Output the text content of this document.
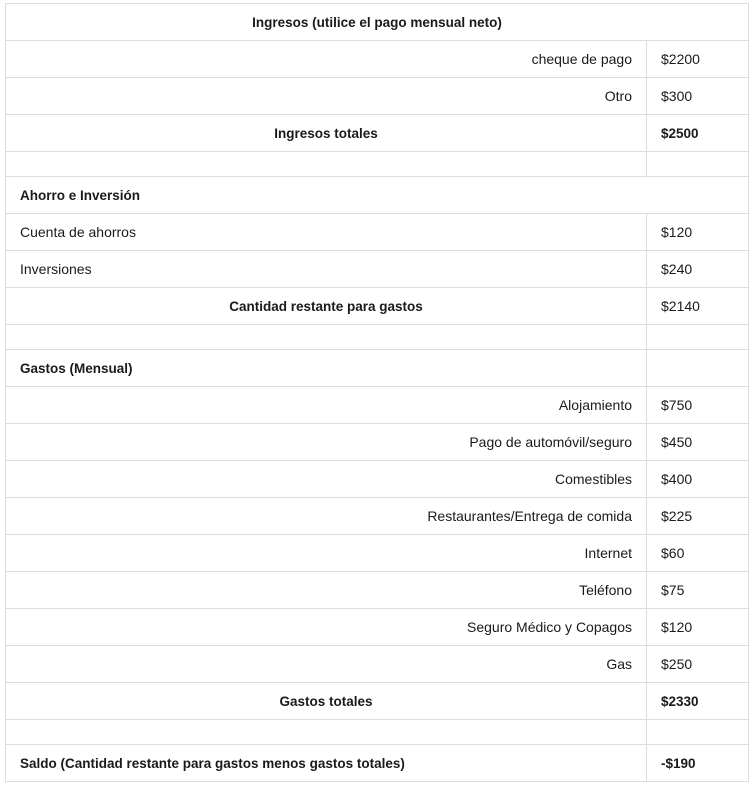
Ingresos (utilice el pago mensual neto)	
cheque de pago	$2200
Otro	$300
Ingresos totales	$2500

Ahorro e Inversión	
Cuenta de ahorros	$120
Inversiones	$240
Cantidad restante para gastos	$2140

Gastos (Mensual)	
Alojamiento	$750
Pago de automóvil/seguro	$450
Comestibles	$400
Restaurantes/Entrega de comida	$225
Internet	$60
Teléfono	$75
Seguro Médico y Copagos	$120
Gas	$250
Gastos totales	$2330

Saldo (Cantidad restante para gastos menos gastos totales)	-$190
